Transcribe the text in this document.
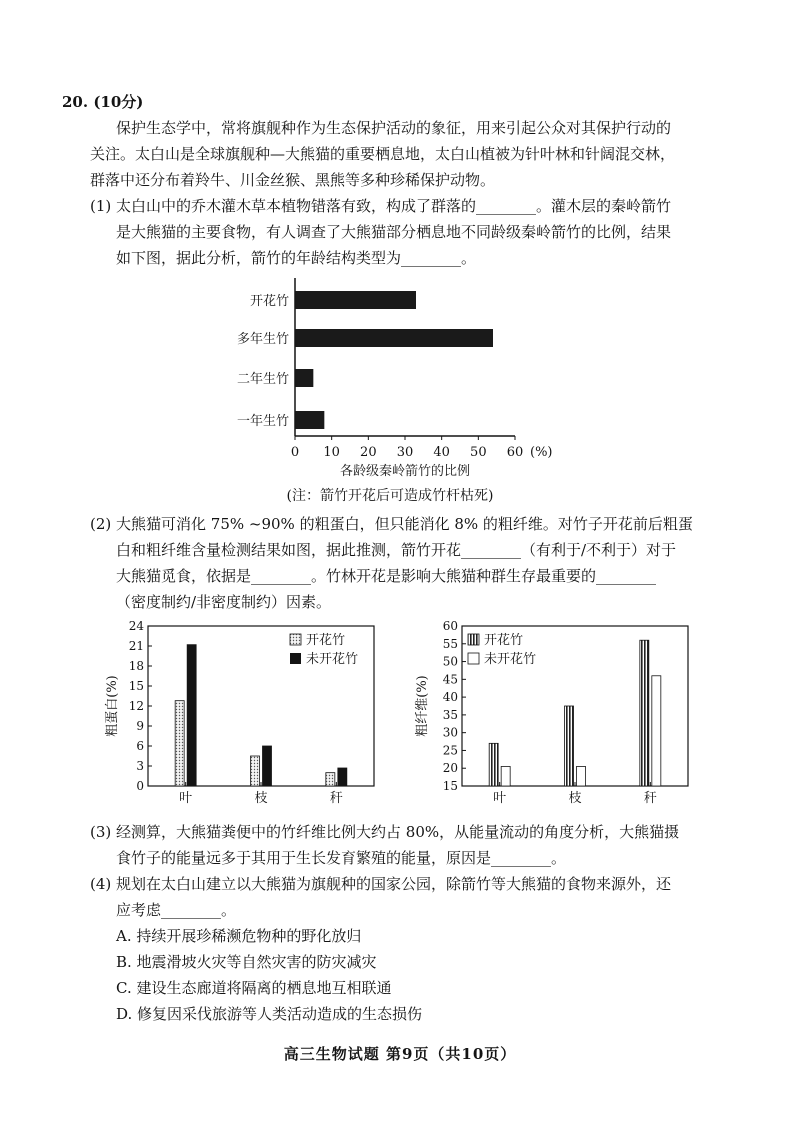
20. (10分)
保护生态学中，常将旗舰种作为生态保护活动的象征，用来引起公众对其保护行动的
关注。太白山是全球旗舰种—大熊猫的重要栖息地，太白山植被为针叶林和针阔混交林，
群落中还分布着羚牛、川金丝猴、黑熊等多种珍稀保护动物。
(1) 太白山中的乔木灌木草本植物错落有致，构成了群落的________。灌木层的秦岭箭竹
是大熊猫的主要食物，有人调查了大熊猫部分栖息地不同龄级秦岭箭竹的比例，结果
如下图，据此分析，箭竹的年龄结构类型为________。
开花竹
多年生竹
二年生竹
一年生竹
0 10 20 30 40 50 60 (%)
各龄级秦岭箭竹的比例
(注：箭竹开花后可造成竹杆枯死)
(2) 大熊猫可消化 75% ~90% 的粗蛋白，但只能消化 8% 的粗纤维。对竹子开花前后粗蛋
白和粗纤维含量检测结果如图，据此推测，箭竹开花________（有利于/不利于）对于
大熊猫觅食，依据是________。竹林开花是影响大熊猫种群生存最重要的________
（密度制约/非密度制约）因素。
0
3
6
9
12
15
18
21
24
叶	枝	秆
粗蛋白(%)
开花竹
未开花竹
15
20
25
30
35
40
45
50
55
60
叶	枝	秆
粗纤维(%)
开花竹
未开花竹
(3) 经测算，大熊猫粪便中的竹纤维比例大约占 80%，从能量流动的角度分析，大熊猫摄
食竹子的能量远多于其用于生长发育繁殖的能量，原因是________。
(4) 规划在太白山建立以大熊猫为旗舰种的国家公园，除箭竹等大熊猫的食物来源外，还
应考虑________。
A. 持续开展珍稀濒危物种的野化放归
B. 地震滑坡火灾等自然灾害的防灾减灾
C. 建设生态廊道将隔离的栖息地互相联通
D. 修复因采伐旅游等人类活动造成的生态损伤
高三生物试题 第9页（共10页）
